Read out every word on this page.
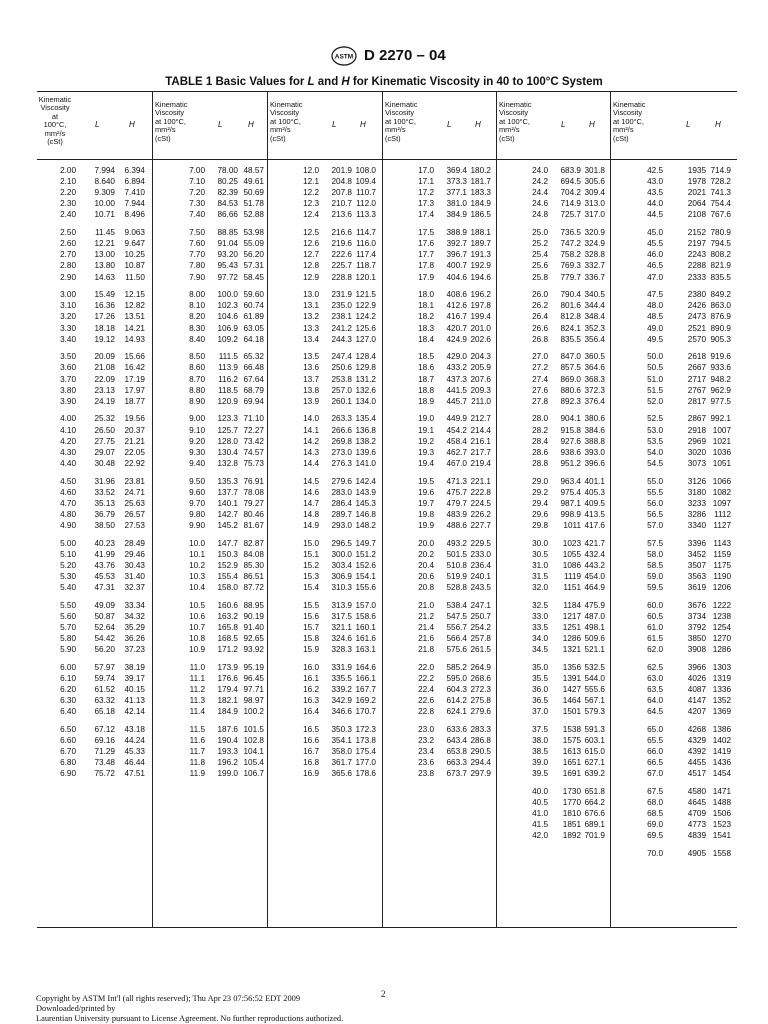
ASTM D 2270 – 04
TABLE 1 Basic Values for L and H for Kinematic Viscosity in 40 to 100°C System
Kinematic
Viscosity
at
100°C,
mm²/s
(cSt)
L	H
2.00 7.994 6.394
2.10 8.640 6.894
2.20 9.309 7.410
2.30 10.00 7.944
2.40 10.71 8.496
2.50 11.45 9.063
2.60 12.21 9.647
2.70 13.00 10.25
2.80 13.80 10.87
2.90 14.63 11.50
3.00 15.49 12.15
3.10 16.36 12.82
3.20 17.26 13.51
3.30 18.18 14.21
3.40 19.12 14.93
3.50 20.09 15.66
3.60 21.08 16.42
3.70 22.09 17.19
3.80 23.13 17.97
3.90 24.19 18.77
4.00 25.32 19.56
4.10 26.50 20.37
4.20 27.75 21.21
4.30 29.07 22.05
4.40 30.48 22.92
4.50 31.96 23.81
4.60 33.52 24.71
4.70 35.13 25.63
4.80 36.79 26.57
4.90 38.50 27.53
5.00 40.23 28.49
5.10 41.99 29.46
5.20 43.76 30.43
5.30 45.53 31.40
5.40 47.31 32.37
5.50 49.09 33.34
5.60 50.87 34.32
5.70 52.64 35.29
5.80 54.42 36.26
5.90 56.20 37.23
6.00 57.97 38.19
6.10 59.74 39.17
6.20 61.52 40.15
6.30 63.32 41.13
6.40 65.18 42.14
6.50 67.12 43.18
6.60 69.16 44.24
6.70 71.29 45.33
6.80 73.48 46.44
6.90 75.72 47.51
Kinematic
Viscosity
at 100°C,
mm²/s
(cSt)
L	H
7.00 78.00 48.57
7.10 80.25 49.61
7.20 82.39 50.69
7.30 84.53 51.78
7.40 86.66 52.88
7.50 88.85 53.98
7.60 91.04 55.09
7.70 93.20 56.20
7.80 95.43 57.31
7.90 97.72 58.45
8.00 100.0 59.60
8.10 102.3 60.74
8.20 104.6 61.89
8.30 106.9 63.05
8.40 109.2 64.18
8.50 111.5 65.32
8.60 113.9 66.48
8.70 116.2 67.64
8.80 118.5 68.79
8.90 120.9 69.94
9.00 123.3 71.10
9.10 125.7 72.27
9.20 128.0 73.42
9.30 130.4 74.57
9.40 132.8 75.73
9.50 135.3 76.91
9.60 137.7 78.08
9.70 140.1 79.27
9.80 142.7 80.46
9.90 145.2 81.67
10.0 147.7 82.87
10.1 150.3 84.08
10.2 152.9 85.30
10.3 155.4 86.51
10.4 158.0 87.72
10.5 160.6 88.95
10.6 163.2 90.19
10.7 165.8 91.40
10.8 168.5 92.65
10.9 171.2 93.92
11.0 173.9 95.19
11.1 176.6 96.45
11.2 179.4 97.71
11.3 182.1 98.97
11.4 184.9 100.2
11.5 187.6 101.5
11.6 190.4 102.8
11.7 193.3 104.1
11.8 196.2 105.4
11.9 199.0 106.7
Kinematic
Viscosity
at 100°C,
mm²/s
(cSt)
L	H
12.0 201.9 108.0
12.1 204.8 109.4
12.2 207.8 110.7
12.3 210.7 112.0
12.4 213.6 113.3
12.5 216.6 114.7
12.6 219.6 116.0
12.7 222.6 117.4
12.8 225.7 118.7
12.9 228.8 120.1
13.0 231.9 121.5
13.1 235.0 122.9
13.2 238.1 124.2
13.3 241.2 125.6
13.4 244.3 127.0
13.5 247.4 128.4
13.6 250.6 129.8
13.7 253.8 131.2
13.8 257.0 132.6
13.9 260.1 134.0
14.0 263.3 135.4
14.1 266.6 136.8
14.2 269.8 138.2
14.3 273.0 139.6
14.4 276.3 141.0
14.5 279.6 142.4
14.6 283.0 143.9
14.7 286.4 145.3
14.8 289.7 146.8
14.9 293.0 148.2
15.0 296.5 149.7
15.1 300.0 151.2
15.2 303.4 152.6
15.3 306.9 154.1
15.4 310.3 155.6
15.5 313.9 157.0
15.6 317.5 158.6
15.7 321.1 160.1
15.8 324.6 161.6
15.9 328.3 163.1
16.0 331.9 164.6
16.1 335.5 166.1
16.2 339.2 167.7
16.3 342.9 169.2
16.4 346.6 170.7
16.5 350.3 172.3
16.6 354.1 173.8
16.7 358.0 175.4
16.8 361.7 177.0
16.9 365.6 178.6
Kinematic
Viscosity
at 100°C,
mm²/s
(cSt)
L	H
17.0 369.4 180.2
17.1 373.3 181.7
17.2 377.1 183.3
17.3 381.0 184.9
17.4 384.9 186.5
17.5 388.9 188.1
17.6 392.7 189.7
17.7 396.7 191.3
17.8 400.7 192.9
17.9 404.6 194.6
18.0 408.6 196.2
18.1 412.6 197.8
18.2 416.7 199.4
18.3 420.7 201.0
18.4 424.9 202.6
18.5 429.0 204.3
18.6 433.2 205.9
18.7 437.3 207.6
18.8 441.5 209.3
18.9 445.7 211.0
19.0 449.9 212.7
19.1 454.2 214.4
19.2 458.4 216.1
19.3 462.7 217.7
19.4 467.0 219.4
19.5 471.3 221.1
19.6 475.7 222.8
19.7 479.7 224.5
19.8 483.9 226.2
19.9 488.6 227.7
20.0 493.2 229.5
20.2 501.5 233.0
20.4 510.8 236.4
20.6 519.9 240.1
20.8 528.8 243.5
21.0 538.4 247.1
21.2 547.5 250.7
21.4 556.7 254.2
21.6 566.4 257.8
21.8 575.6 261.5
22.0 585.2 264.9
22.2 595.0 268.6
22.4 604.3 272.3
22.6 614.2 275.8
22.8 624.1 279.6
23.0 633.6 283.3
23.2 643.4 286.8
23.4 653.8 290.5
23.6 663.3 294.4
23.8 673.7 297.9
Kinematic
Viscosity
at 100°C,
mm²/s
(cSt)
L	H
24.0 683.9 301.8
24.2 694.5 305.6
24.4 704.2 309.4
24.6 714.9 313.0
24.8 725.7 317.0
25.0 736.5 320.9
25.2 747.2 324.9
25.4 758.2 328.8
25.6 769.3 332.7
25.8 779.7 336.7
26.0 790.4 340.5
26.2 801.6 344.4
26.4 812.8 348.4
26.6 824.1 352.3
26.8 835.5 356.4
27.0 847.0 360.5
27.2 857.5 364.6
27.4 869.0 368.3
27.6 880.6 372.3
27.8 892.3 376.4
28.0 904.1 380.6
28.2 915.8 384.6
28.4 927.6 388.8
28.6 938.6 393.0
28.8 951.2 396.6
29.0 963.4 401.1
29.2 975.4 405.3
29.4 987.1 409.5
29.6 998.9 413.5
29.8 1011 417.6
30.0 1023 421.7
30.5 1055 432.4
31.0 1086 443.2
31.5 1119 454.0
32.0 1151 464.9
32.5 1184 475.9
33.0 1217 487.0
33.5 1251 498.1
34.0 1286 509.6
34.5 1321 521.1
35.0 1356 532.5
35.5 1391 544.0
36.0 1427 555.6
36.5 1464 567.1
37.0 1501 579.3
37.5 1538 591.3
38.0 1575 603.1
38.5 1613 615.0
39.0 1651 627.1
39.5 1691 639.2
40.0 1730 651.8
40.5 1770 664.2
41.0 1810 676.6
41.5 1851 689.1
42.0 1892 701.9
Kinematic
Viscosity
at 100°C,
mm²/s
(cSt)
L	H
42.5	1935 714.9
43.0	1978 728.2
43.5	2021 741.3
44.0	2064 754.4
44.5	2108 767.6
45.0	2152 780.9
45.5	2197 794.5
46.0	2243 808.2
46.5	2288 821.9
47.0	2333 835.5
47.5	2380 849.2
48.0	2426 863.0
48.5	2473 876.9
49.0	2521 890.9
49.5	2570 905.3
50.0	2618 919.6
50.5	2667 933.6
51.0	2717 948.2
51.5	2767 962.9
52.0	2817 977.5
52.5	2867 992.1
53.0	2918 1007
53.5	2969 1021
54.0	3020 1036
54.5	3073 1051
55.0	3126 1066
55.5	3180 1082
56.0	3233 1097
56.5	3286 1112
57.0	3340 1127
57.5	3396 1143
58.0	3452 1159
58.5	3507 1175
59.0	3563 1190
59.5	3619 1206
60.0	3676 1222
60.5	3734 1238
61.0	3792 1254
61.5	3850 1270
62.0	3908 1286
62.5	3966 1303
63.0	4026 1319
63.5	4087 1336
64.0	4147 1352
64.5	4207 1369
65.0	4268 1386
65.5	4329 1402
66.0	4392 1419
66.5	4455 1436
67.0	4517 1454
67.5	4580 1471
68.0	4645 1488
68.5	4709 1506
69.0	4773 1523
69.5	4839 1541
70.0	4905 1558
2
Copyright by ASTM Int'l (all rights reserved); Thu Apr 23 07:56:52 EDT 2009
Downloaded/printed by
Laurentian University pursuant to License Agreement. No further reproductions authorized.
